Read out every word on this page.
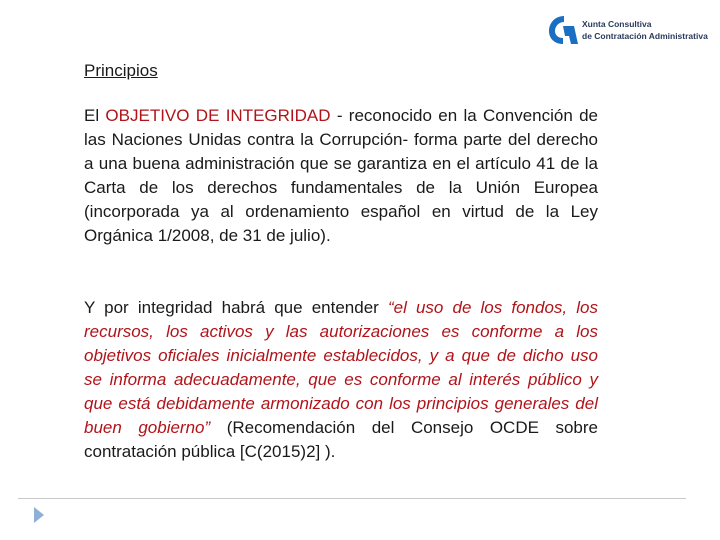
Xunta Consultiva
de Contratación Administrativa
Principios

El OBJETIVO DE INTEGRIDAD - reconocido en la Convención de las Naciones Unidas contra la Corrupción- forma parte del derecho a una buena administración que se garantiza en el artículo 41 de la Carta de los derechos fundamentales de la Unión Europea (incorporada ya al ordenamiento español en virtud de la Ley Orgánica 1/2008, de 31 de julio).

Y por integridad habrá que entender “el uso de los fondos, los recursos, los activos y las autorizaciones es conforme a los objetivos oficiales inicialmente establecidos, y a que de dicho uso se informa adecuadamente, que es conforme al interés público y que está debidamente armonizado con los principios generales del buen gobierno” (Recomendación del Consejo OCDE sobre contratación pública [C(2015)2] ).
